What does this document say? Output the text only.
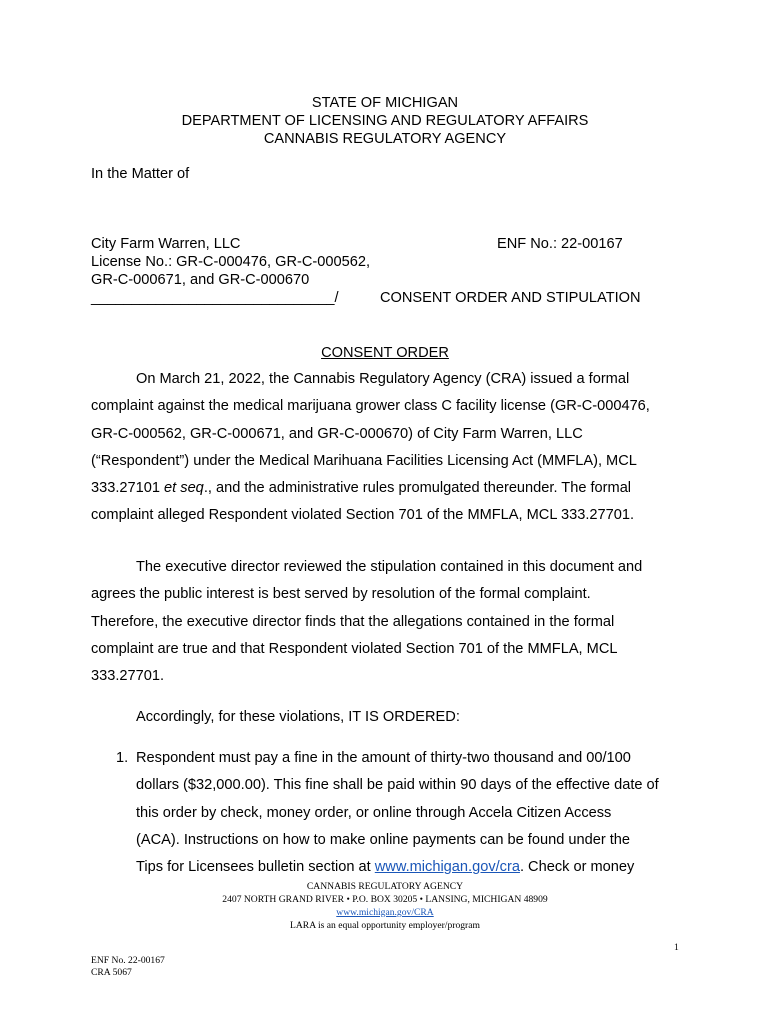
STATE OF MICHIGAN
DEPARTMENT OF LICENSING AND REGULATORY AFFAIRS
CANNABIS REGULATORY AGENCY
In the Matter of
City Farm Warren, LLC	ENF No.: 22-00167
License No.: GR-C-000476, GR-C-000562,
GR-C-000671, and GR-C-000670
______________________________/	CONSENT ORDER AND STIPULATION
CONSENT ORDER
On March 21, 2022, the Cannabis Regulatory Agency (CRA) issued a formal
complaint against the medical marijuana grower class C facility license (GR-C-000476,
GR-C-000562, GR-C-000671, and GR-C-000670) of City Farm Warren, LLC
(“Respondent”) under the Medical Marihuana Facilities Licensing Act (MMFLA), MCL
333.27101 et seq., and the administrative rules promulgated thereunder. The formal
complaint alleged Respondent violated Section 701 of the MMFLA, MCL 333.27701.
The executive director reviewed the stipulation contained in this document and
agrees the public interest is best served by resolution of the formal complaint.
Therefore, the executive director finds that the allegations contained in the formal
complaint are true and that Respondent violated Section 701 of the MMFLA, MCL
333.27701.
Accordingly, for these violations, IT IS ORDERED:
1. Respondent must pay a fine in the amount of thirty-two thousand and 00/100
dollars ($32,000.00). This fine shall be paid within 90 days of the effective date of
this order by check, money order, or online through Accela Citizen Access
(ACA). Instructions on how to make online payments can be found under the
Tips for Licensees bulletin section at www.michigan.gov/cra. Check or money
CANNABIS REGULATORY AGENCY
2407 NORTH GRAND RIVER • P.O. BOX 30205 • LANSING, MICHIGAN 48909
www.michigan.gov/CRA
LARA is an equal opportunity employer/program
1
ENF No. 22-00167
CRA 5067
